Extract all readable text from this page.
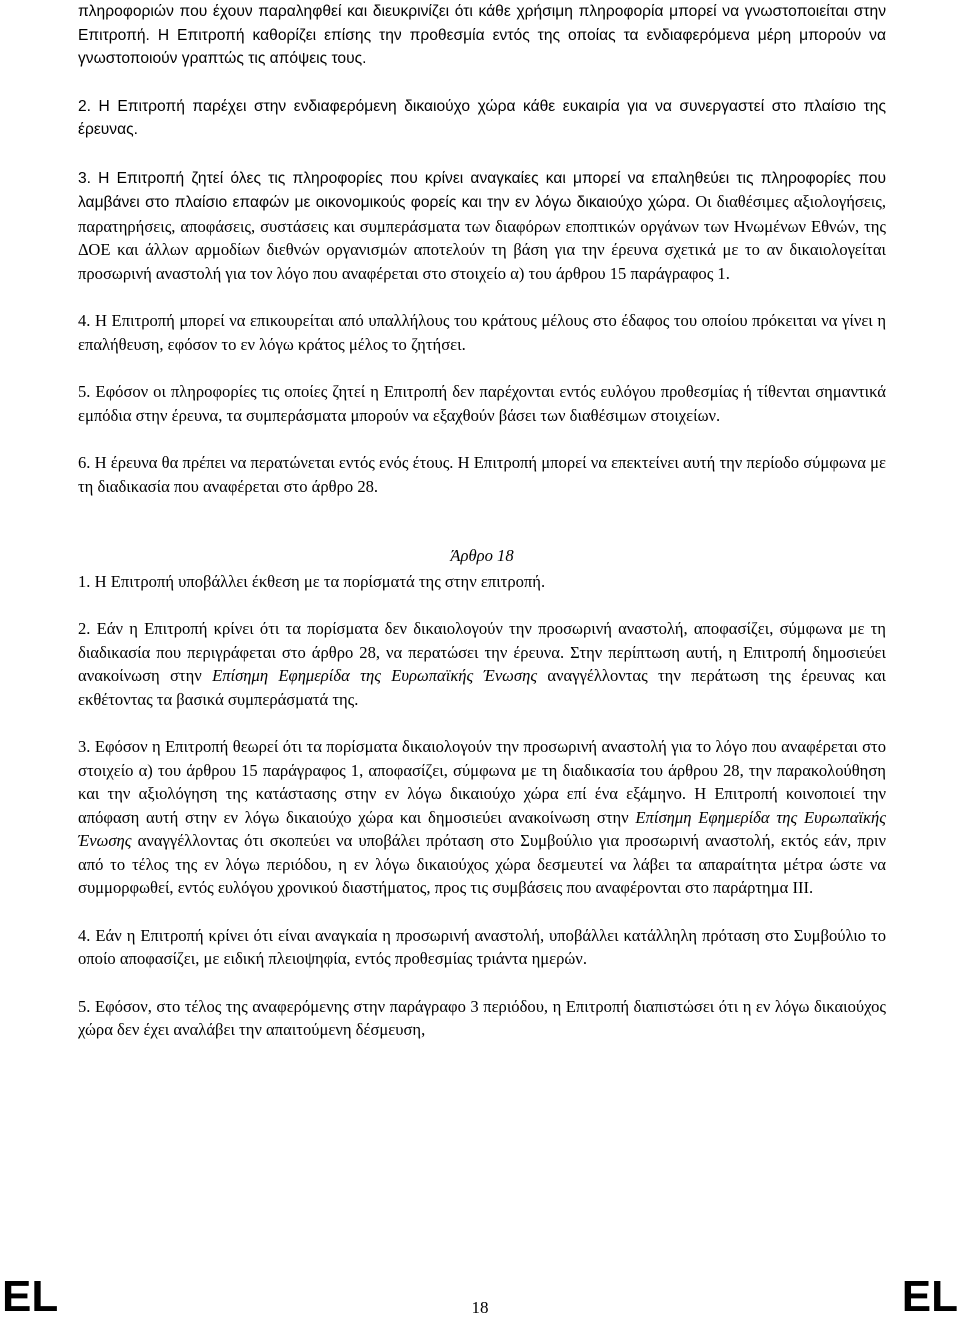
πληροφοριών που έχουν παραληφθεί και διευκρινίζει ότι κάθε χρήσιμη πληροφορία μπορεί να γνωστοποιείται στην Επιτροπή. Η Επιτροπή καθορίζει επίσης την προθεσμία εντός της οποίας τα ενδιαφερόμενα μέρη μπορούν να γνωστοποιούν γραπτώς τις απόψεις τους.

2. Η Επιτροπή παρέχει στην ενδιαφερόμενη δικαιούχο χώρα κάθε ευκαιρία για να συνεργαστεί στο πλαίσιο της έρευνας.

3. Η Επιτροπή ζητεί όλες τις πληροφορίες που κρίνει αναγκαίες και μπορεί να επαληθεύει τις πληροφορίες που λαμβάνει στο πλαίσιο επαφών με οικονομικούς φορείς και την εν λόγω δικαιούχο χώρα. Οι διαθέσιμες αξιολογήσεις, παρατηρήσεις, αποφάσεις, συστάσεις και συμπεράσματα των διαφόρων εποπτικών οργάνων των Ηνωμένων Εθνών, της ΔΟΕ και άλλων αρμοδίων διεθνών οργανισμών αποτελούν τη βάση για την έρευνα σχετικά με το αν δικαιολογείται προσωρινή αναστολή για τον λόγο που αναφέρεται στο στοιχείο α) του άρθρου 15 παράγραφος 1.

4. Η Επιτροπή μπορεί να επικουρείται από υπαλλήλους του κράτους μέλους στο έδαφος του οποίου πρόκειται να γίνει η επαλήθευση, εφόσον το εν λόγω κράτος μέλος το ζητήσει.

5. Εφόσον οι πληροφορίες τις οποίες ζητεί η Επιτροπή δεν παρέχονται εντός ευλόγου προθεσμίας ή τίθενται σημαντικά εμπόδια στην έρευνα, τα συμπεράσματα μπορούν να εξαχθούν βάσει των διαθέσιμων στοιχείων.

6. Η έρευνα θα πρέπει να περατώνεται εντός ενός έτους. Η Επιτροπή μπορεί να επεκτείνει αυτή την περίοδο σύμφωνα με τη διαδικασία που αναφέρεται στο άρθρο 28.

Άρθρο 18

1. Η Επιτροπή υποβάλλει έκθεση με τα πορίσματά της στην επιτροπή.

2. Εάν η Επιτροπή κρίνει ότι τα πορίσματα δεν δικαιολογούν την προσωρινή αναστολή, αποφασίζει, σύμφωνα με τη διαδικασία που περιγράφεται στο άρθρο 28, να περατώσει την έρευνα. Στην περίπτωση αυτή, η Επιτροπή δημοσιεύει ανακοίνωση στην Επίσημη Εφημερίδα της Ευρωπαϊκής Ένωσης αναγγέλλοντας την περάτωση της έρευνας και εκθέτοντας τα βασικά συμπεράσματά της.

3. Εφόσον η Επιτροπή θεωρεί ότι τα πορίσματα δικαιολογούν την προσωρινή αναστολή για το λόγο που αναφέρεται στο στοιχείο α) του άρθρου 15 παράγραφος 1, αποφασίζει, σύμφωνα με τη διαδικασία του άρθρου 28, την παρακολούθηση και την αξιολόγηση της κατάστασης στην εν λόγω δικαιούχο χώρα επί ένα εξάμηνο. Η Επιτροπή κοινοποιεί την απόφαση αυτή στην εν λόγω δικαιούχο χώρα και δημοσιεύει ανακοίνωση στην Επίσημη Εφημερίδα της Ευρωπαϊκής Ένωσης αναγγέλλοντας ότι σκοπεύει να υποβάλει πρόταση στο Συμβούλιο για προσωρινή αναστολή, εκτός εάν, πριν από το τέλος της εν λόγω περιόδου, η εν λόγω δικαιούχος χώρα δεσμευτεί να λάβει τα απαραίτητα μέτρα ώστε να συμμορφωθεί, εντός ευλόγου χρονικού διαστήματος, προς τις συμβάσεις που αναφέρονται στο παράρτημα ΙΙΙ.

4. Εάν η Επιτροπή κρίνει ότι είναι αναγκαία η προσωρινή αναστολή, υποβάλλει κατάλληλη πρόταση στο Συμβούλιο το οποίο αποφασίζει, με ειδική πλειοψηφία, εντός προθεσμίας τριάντα ημερών.

5. Εφόσον, στο τέλος της αναφερόμενης στην παράγραφο 3 περιόδου, η Επιτροπή διαπιστώσει ότι η εν λόγω δικαιούχος χώρα δεν έχει αναλάβει την απαιτούμενη δέσμευση,

EL	18	EL
